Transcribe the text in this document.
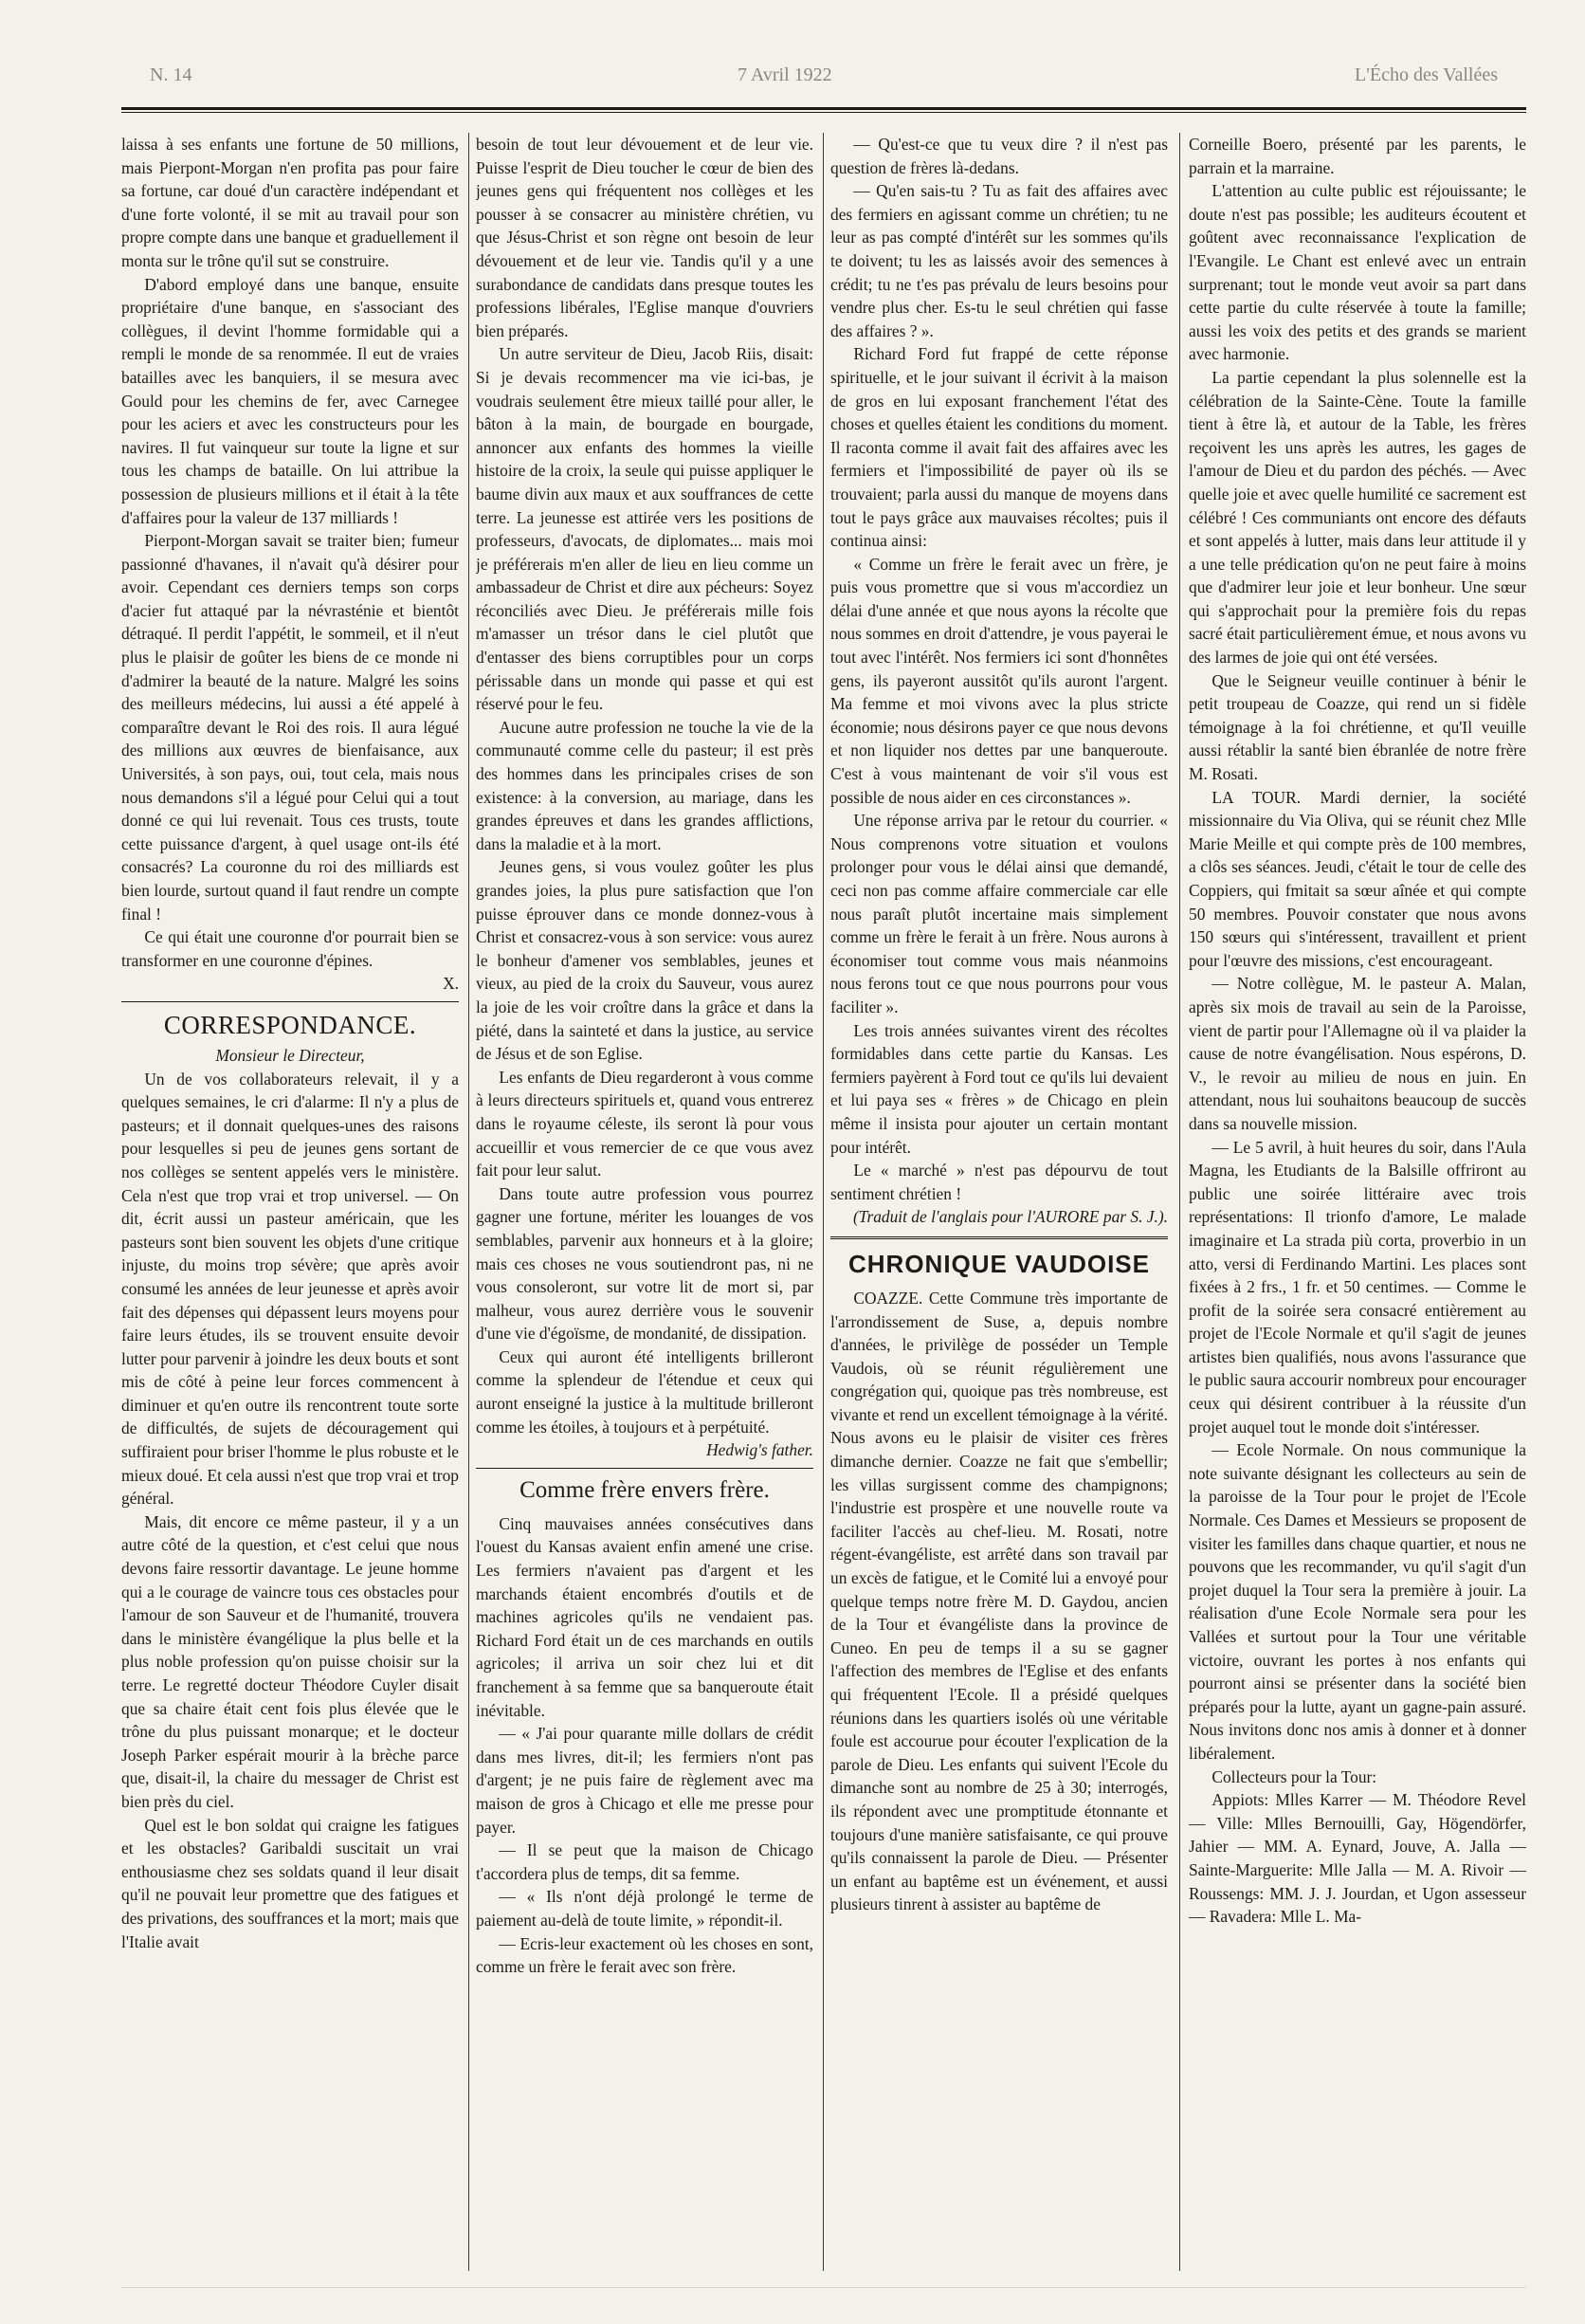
N. 14	7 Avril 1922	L'Écho des Vallées

laissa à ses enfants une fortune de 50 millions, mais Pierpont-Morgan n'en profita pas pour faire sa fortune, car doué d'un caractère indépendant et d'une forte volonté, il se mit au travail pour son propre compte dans une banque et graduellement il monta sur le trône qu'il sut se construire.

D'abord employé dans une banque, ensuite propriétaire d'une banque, en s'associant des collègues, il devint l'homme formidable qui a rempli le monde de sa renommée. Il eut de vraies batailles avec les banquiers, il se mesura avec Gould pour les chemins de fer, avec Carnegee pour les aciers et avec les constructeurs pour les navires. Il fut vainqueur sur toute la ligne et sur tous les champs de bataille. On lui attribue la possession de plusieurs millions et il était à la tête d'affaires pour la valeur de 137 milliards !

Pierpont-Morgan savait se traiter bien; fumeur passionné d'havanes, il n'avait qu'à désirer pour avoir. Cependant ces derniers temps son corps d'acier fut attaqué par la névrasténie et bientôt détraqué. Il perdit l'appétit, le sommeil, et il n'eut plus le plaisir de goûter les biens de ce monde ni d'admirer la beauté de la nature. Malgré les soins des meilleurs médecins, lui aussi a été appelé à comparaître devant le Roi des rois. Il aura légué des millions aux œuvres de bienfaisance, aux Universités, à son pays, oui, tout cela, mais nous nous demandons s'il a légué pour Celui qui a tout donné ce qui lui revenait. Tous ces trusts, toute cette puissance d'argent, à quel usage ont-ils été consacrés? La couronne du roi des milliards est bien lourde, surtout quand il faut rendre un compte final !

Ce qui était une couronne d'or pourrait bien se transformer en une couronne d'épines.

X.
CORRESPONDANCE.
Monsieur le Directeur,

Un de vos collaborateurs relevait, il y a quelques semaines, le cri d'alarme: Il n'y a plus de pasteurs; et il donnait quelques-unes des raisons pour lesquelles si peu de jeunes gens sortant de nos collèges se sentent appelés vers le ministère. Cela n'est que trop vrai et trop universel. — On dit, écrit aussi un pasteur américain, que les pasteurs sont bien souvent les objets d'une critique injuste, du moins trop sévère; que après avoir consumé les années de leur jeunesse et après avoir fait des dépenses qui dépassent leurs moyens pour faire leurs études, ils se trouvent ensuite devoir lutter pour parvenir à joindre les deux bouts et sont mis de côté à peine leur forces commencent à diminuer et qu'en outre ils rencontrent toute sorte de difficultés, de sujets de découragement qui suffiraient pour briser l'homme le plus robuste et le mieux doué. Et cela aussi n'est que trop vrai et trop général.

Mais, dit encore ce même pasteur, il y a un autre côté de la question, et c'est celui que nous devons faire ressortir davantage. Le jeune homme qui a le courage de vaincre tous ces obstacles pour l'amour de son Sauveur et de l'humanité, trouvera dans le ministère évangélique la plus belle et la plus noble profession qu'on puisse choisir sur la terre. Le regretté docteur Théodore Cuyler disait que sa chaire était cent fois plus élevée que le trône du plus puissant monarque; et le docteur Joseph Parker espérait mourir à la brèche parce que, disait-il, la chaire du messager de Christ est bien près du ciel.

Quel est le bon soldat qui craigne les fatigues et les obstacles? Garibaldi suscitait un vrai enthousiasme chez ses soldats quand il leur disait qu'il ne pouvait leur promettre que des fatigues et des privations, des souffrances et la mort; mais que l'Italie avait

besoin de tout leur dévouement et de leur vie. Puisse l'esprit de Dieu toucher le cœur de bien des jeunes gens qui fréquentent nos collèges et les pousser à se consacrer au ministère chrétien, vu que Jésus-Christ et son règne ont besoin de leur dévouement et de leur vie. Tandis qu'il y a une surabondance de candidats dans presque toutes les professions libérales, l'Eglise manque d'ouvriers bien préparés.

Un autre serviteur de Dieu, Jacob Riis, disait: Si je devais recommencer ma vie ici-bas, je voudrais seulement être mieux taillé pour aller, le bâton à la main, de bourgade en bourgade, annoncer aux enfants des hommes la vieille histoire de la croix, la seule qui puisse appliquer le baume divin aux maux et aux souffrances de cette terre. La jeunesse est attirée vers les positions de professeurs, d'avocats, de diplomates... mais moi je préférerais m'en aller de lieu en lieu comme un ambassadeur de Christ et dire aux pécheurs: Soyez réconciliés avec Dieu. Je préférerais mille fois m'amasser un trésor dans le ciel plutôt que d'entasser des biens corruptibles pour un corps périssable dans un monde qui passe et qui est réservé pour le feu.

Aucune autre profession ne touche la vie de la communauté comme celle du pasteur; il est près des hommes dans les principales crises de son existence: à la conversion, au mariage, dans les grandes épreuves et dans les grandes afflictions, dans la maladie et à la mort.

Jeunes gens, si vous voulez goûter les plus grandes joies, la plus pure satisfaction que l'on puisse éprouver dans ce monde donnez-vous à Christ et consacrez-vous à son service: vous aurez le bonheur d'amener vos semblables, jeunes et vieux, au pied de la croix du Sauveur, vous aurez la joie de les voir croître dans la grâce et dans la piété, dans la sainteté et dans la justice, au service de Jésus et de son Eglise.

Les enfants de Dieu regarderont à vous comme à leurs directeurs spirituels et, quand vous entrerez dans le royaume céleste, ils seront là pour vous accueillir et vous remercier de ce que vous avez fait pour leur salut.

Dans toute autre profession vous pourrez gagner une fortune, mériter les louanges de vos semblables, parvenir aux honneurs et à la gloire; mais ces choses ne vous soutiendront pas, ni ne vous consoleront, sur votre lit de mort si, par malheur, vous aurez derrière vous le souvenir d'une vie d'égoïsme, de mondanité, de dissipation.

Ceux qui auront été intelligents brilleront comme la splendeur de l'étendue et ceux qui auront enseigné la justice à la multitude brilleront comme les étoiles, à toujours et à perpétuité.

Hedwig's father.
Comme frère envers frère.

Cinq mauvaises années consécutives dans l'ouest du Kansas avaient enfin amené une crise. Les fermiers n'avaient pas d'argent et les marchands étaient encombrés d'outils et de machines agricoles qu'ils ne vendaient pas. Richard Ford était un de ces marchands en outils agricoles; il arriva un soir chez lui et dit franchement à sa femme que sa banqueroute était inévitable.

— « J'ai pour quarante mille dollars de crédit dans mes livres, dit-il; les fermiers n'ont pas d'argent; je ne puis faire de règlement avec ma maison de gros à Chicago et elle me presse pour payer.

— Il se peut que la maison de Chicago t'accordera plus de temps, dit sa femme.

— « Ils n'ont déjà prolongé le terme de paiement au-delà de toute limite, » répondit-il.

— Ecris-leur exactement où les choses en sont, comme un frère le ferait avec son frère.

— Qu'est-ce que tu veux dire ? il n'est pas question de frères là-dedans.

— Qu'en sais-tu ? Tu as fait des affaires avec des fermiers en agissant comme un chrétien; tu ne leur as pas compté d'intérêt sur les sommes qu'ils te doivent; tu les as laissés avoir des semences à crédit; tu ne t'es pas prévalu de leurs besoins pour vendre plus cher. Es-tu le seul chrétien qui fasse des affaires ? ».

Richard Ford fut frappé de cette réponse spirituelle, et le jour suivant il écrivit à la maison de gros en lui exposant franchement l'état des choses et quelles étaient les conditions du moment. Il raconta comme il avait fait des affaires avec les fermiers et l'impossibilité de payer où ils se trouvaient; parla aussi du manque de moyens dans tout le pays grâce aux mauvaises récoltes; puis il continua ainsi:

« Comme un frère le ferait avec un frère, je puis vous promettre que si vous m'accordiez un délai d'une année et que nous ayons la récolte que nous sommes en droit d'attendre, je vous payerai le tout avec l'intérêt. Nos fermiers ici sont d'honnêtes gens, ils payeront aussitôt qu'ils auront l'argent. Ma femme et moi vivons avec la plus stricte économie; nous désirons payer ce que nous devons et non liquider nos dettes par une banqueroute. C'est à vous maintenant de voir s'il vous est possible de nous aider en ces circonstances ».

Une réponse arriva par le retour du courrier. « Nous comprenons votre situation et voulons prolonger pour vous le délai ainsi que demandé, ceci non pas comme affaire commerciale car elle nous paraît plutôt incertaine mais simplement comme un frère le ferait à un frère. Nous aurons à économiser tout comme vous mais néanmoins nous ferons tout ce que nous pourrons pour vous faciliter ».

Les trois années suivantes virent des récoltes formidables dans cette partie du Kansas. Les fermiers payèrent à Ford tout ce qu'ils lui devaient et lui paya ses « frères » de Chicago en plein même il insista pour ajouter un certain montant pour intérêt.

Le « marché » n'est pas dépourvu de tout sentiment chrétien !

(Traduit de l'anglais pour l'AURORE par S. J.).
CHRONIQUE VAUDOISE

COAZZE. Cette Commune très importante de l'arrondissement de Suse, a, depuis nombre d'années, le privilège de posséder un Temple Vaudois, où se réunit régulièrement une congrégation qui, quoique pas très nombreuse, est vivante et rend un excellent témoignage à la vérité. Nous avons eu le plaisir de visiter ces frères dimanche dernier. Coazze ne fait que s'embellir; les villas surgissent comme des champignons; l'industrie est prospère et une nouvelle route va faciliter l'accès au chef-lieu. M. Rosati, notre régent-évangéliste, est arrêté dans son travail par un excès de fatigue, et le Comité lui a envoyé pour quelque temps notre frère M. D. Gaydou, ancien de la Tour et évangéliste dans la province de Cuneo. En peu de temps il a su se gagner l'affection des membres de l'Eglise et des enfants qui fréquentent l'Ecole. Il a présidé quelques réunions dans les quartiers isolés où une véritable foule est accourue pour écouter l'explication de la parole de Dieu. Les enfants qui suivent l'Ecole du dimanche sont au nombre de 25 à 30; interrogés, ils répondent avec une promptitude étonnante et toujours d'une manière satisfaisante, ce qui prouve qu'ils connaissent la parole de Dieu. — Présenter un enfant au baptême est un événement, et aussi plusieurs tinrent à assister au baptême de

Corneille Boero, présenté par les parents, le parrain et la marraine.

L'attention au culte public est réjouissante; le doute n'est pas possible; les auditeurs écoutent et goûtent avec reconnaissance l'explication de l'Evangile. Le Chant est enlevé avec un entrain surprenant; tout le monde veut avoir sa part dans cette partie du culte réservée à toute la famille; aussi les voix des petits et des grands se marient avec harmonie.

La partie cependant la plus solennelle est la célébration de la Sainte-Cène. Toute la famille tient à être là, et autour de la Table, les frères reçoivent les uns après les autres, les gages de l'amour de Dieu et du pardon des péchés. — Avec quelle joie et avec quelle humilité ce sacrement est célébré ! Ces communiants ont encore des défauts et sont appelés à lutter, mais dans leur attitude il y a une telle prédication qu'on ne peut faire à moins que d'admirer leur joie et leur bonheur. Une sœur qui s'approchait pour la première fois du repas sacré était particulièrement émue, et nous avons vu des larmes de joie qui ont été versées.

Que le Seigneur veuille continuer à bénir le petit troupeau de Coazze, qui rend un si fidèle témoignage à la foi chrétienne, et qu'Il veuille aussi rétablir la santé bien ébranlée de notre frère M. Rosati.

LA TOUR. Mardi dernier, la société missionnaire du Via Oliva, qui se réunit chez Mlle Marie Meille et qui compte près de 100 membres, a clôs ses séances. Jeudi, c'était le tour de celle des Coppiers, qui fmitait sa sœur aînée et qui compte 50 membres. Pouvoir constater que nous avons 150 sœurs qui s'intéressent, travaillent et prient pour l'œuvre des missions, c'est encourageant.

— Notre collègue, M. le pasteur A. Malan, après six mois de travail au sein de la Paroisse, vient de partir pour l'Allemagne où il va plaider la cause de notre évangélisation. Nous espérons, D. V., le revoir au milieu de nous en juin. En attendant, nous lui souhaitons beaucoup de succès dans sa nouvelle mission.

— Le 5 avril, à huit heures du soir, dans l'Aula Magna, les Etudiants de la Balsille offriront au public une soirée littéraire avec trois représentations: Il trionfo d'amore, Le malade imaginaire et La strada più corta, proverbio in un atto, versi di Ferdinando Martini. Les places sont fixées à 2 frs., 1 fr. et 50 centimes. — Comme le profit de la soirée sera consacré entièrement au projet de l'Ecole Normale et qu'il s'agit de jeunes artistes bien qualifiés, nous avons l'assurance que le public saura accourir nombreux pour encourager ceux qui désirent contribuer à la réussite d'un projet auquel tout le monde doit s'intéresser.

— Ecole Normale. On nous communique la note suivante désignant les collecteurs au sein de la paroisse de la Tour pour le projet de l'Ecole Normale. Ces Dames et Messieurs se proposent de visiter les familles dans chaque quartier, et nous ne pouvons que les recommander, vu qu'il s'agit d'un projet duquel la Tour sera la première à jouir. La réalisation d'une Ecole Normale sera pour les Vallées et surtout pour la Tour une véritable victoire, ouvrant les portes à nos enfants qui pourront ainsi se présenter dans la société bien préparés pour la lutte, ayant un gagne-pain assuré. Nous invitons donc nos amis à donner et à donner libéralement.

Collecteurs pour la Tour:

Appiots: Mlles Karrer — M. Théodore Revel — Ville: Mlles Bernouilli, Gay, Högendörfer, Jahier — MM. A. Eynard, Jouve, A. Jalla — Sainte-Marguerite: Mlle Jalla — M. A. Rivoir — Roussengs: MM. J. J. Jourdan, et Ugon assesseur — Ravadera: Mlle L. Ma-
